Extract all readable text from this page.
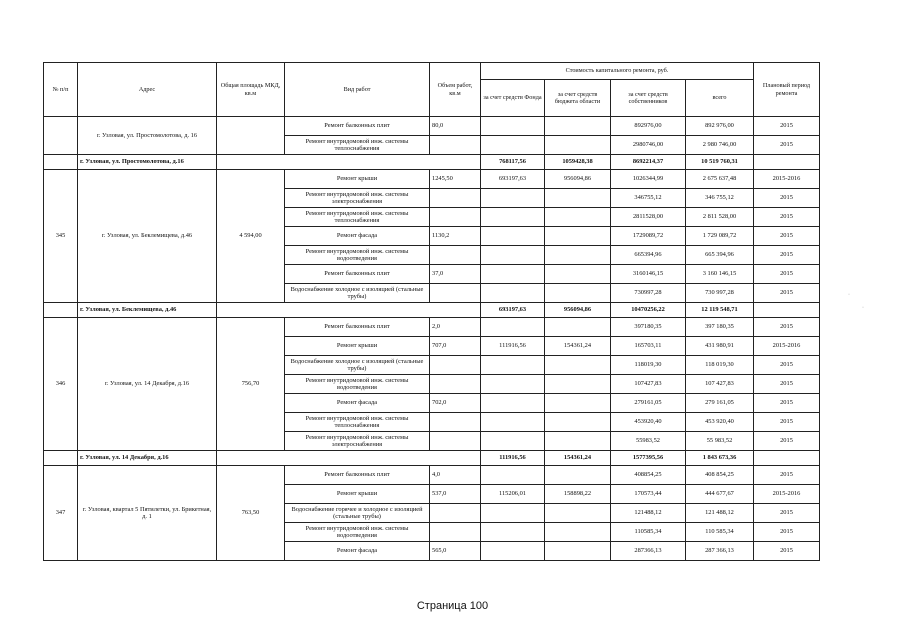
№ п/п	Адрес	Общая площадь МКД, кв.м	Вид работ	Объем работ, кв.м	Стоимость капитального ремонта, руб.				Плановый период ремонта
					за счет средств Фонда	за счет средств бюджета области	за счет средств собственников	всего	
	г. Узловая, ул. Простомолотова, д. 16		Ремонт балконных плит	80,0			892976,00	892 976,00	2015
			Ремонт внутридомовой инж. системы теплоснабжения				2980746,00	2 980 746,00	2015
	г. Узловая, ул. Простомолотова, д.16				768117,56	1059428,38	8692214,37	10 519 760,31	
345	г. Узловая, ул. Беклемищева, д.46	4 594,00	Ремонт крыши	1245,50	693197,63	956094,86	1026344,99	2 675 637,48	2015-2016
			Ремонт внутридомовой инж. системы электроснабжения				346755,12	346 755,12	2015
			Ремонт внутридомовой инж. системы теплоснабжения				2811528,00	2 811 528,00	2015
			Ремонт фасада	1130,2			1729089,72	1 729 089,72	2015
			Ремонт внутридомовой инж. системы водоотведения				665394,96	665 394,96	2015
			Ремонт балконных плит	37,0			3160146,15	3 160 146,15	2015
			Водоснабжение холодное с изоляцией (стальные трубы)				730997,28	730 997,28	2015
	г. Узловая, ул. Беклемищева, д.46				693197,63	956094,86	10470256,22	12 119 548,71	
346	г. Узловая, ул. 14 Декабря, д.16	756,70	Ремонт балконных плит	2,0			397180,35	397 180,35	2015
			Ремонт крыши	707,0	111916,56	154361,24	165703,11	431 980,91	2015-2016
			Водоснабжение холодное с изоляцией (стальные трубы)				118019,30	118 019,30	2015
			Ремонт внутридомовой инж. системы водоотведения				107427,83	107 427,83	2015
			Ремонт фасада	702,0			279161,05	279 161,05	2015
			Ремонт внутридомовой инж. системы теплоснабжения				453920,40	453 920,40	2015
			Ремонт внутридомовой инж. системы электроснабжения				55983,52	55 983,52	2015
	г. Узловая, ул. 14 Декабря, д.16				111916,56	154361,24	1577395,56	1 843 673,36	
347	г. Узловая, квартал 5 Пятилетки, ул. Брикетная, д. 1	763,50	Ремонт балконных плит	4,0			408854,25	408 854,25	2015
			Ремонт крыши	537,0	115206,01	158898,22	170573,44	444 677,67	2015-2016
			Водоснабжение горячее и холодное с изоляцией (стальные трубы)				121488,12	121 488,12	2015
			Ремонт внутридомовой инж. системы водоотведения				110585,34	110 585,34	2015
			Ремонт фасада	565,0			287366,13	287 366,13	2015
Страница 100
·
·
